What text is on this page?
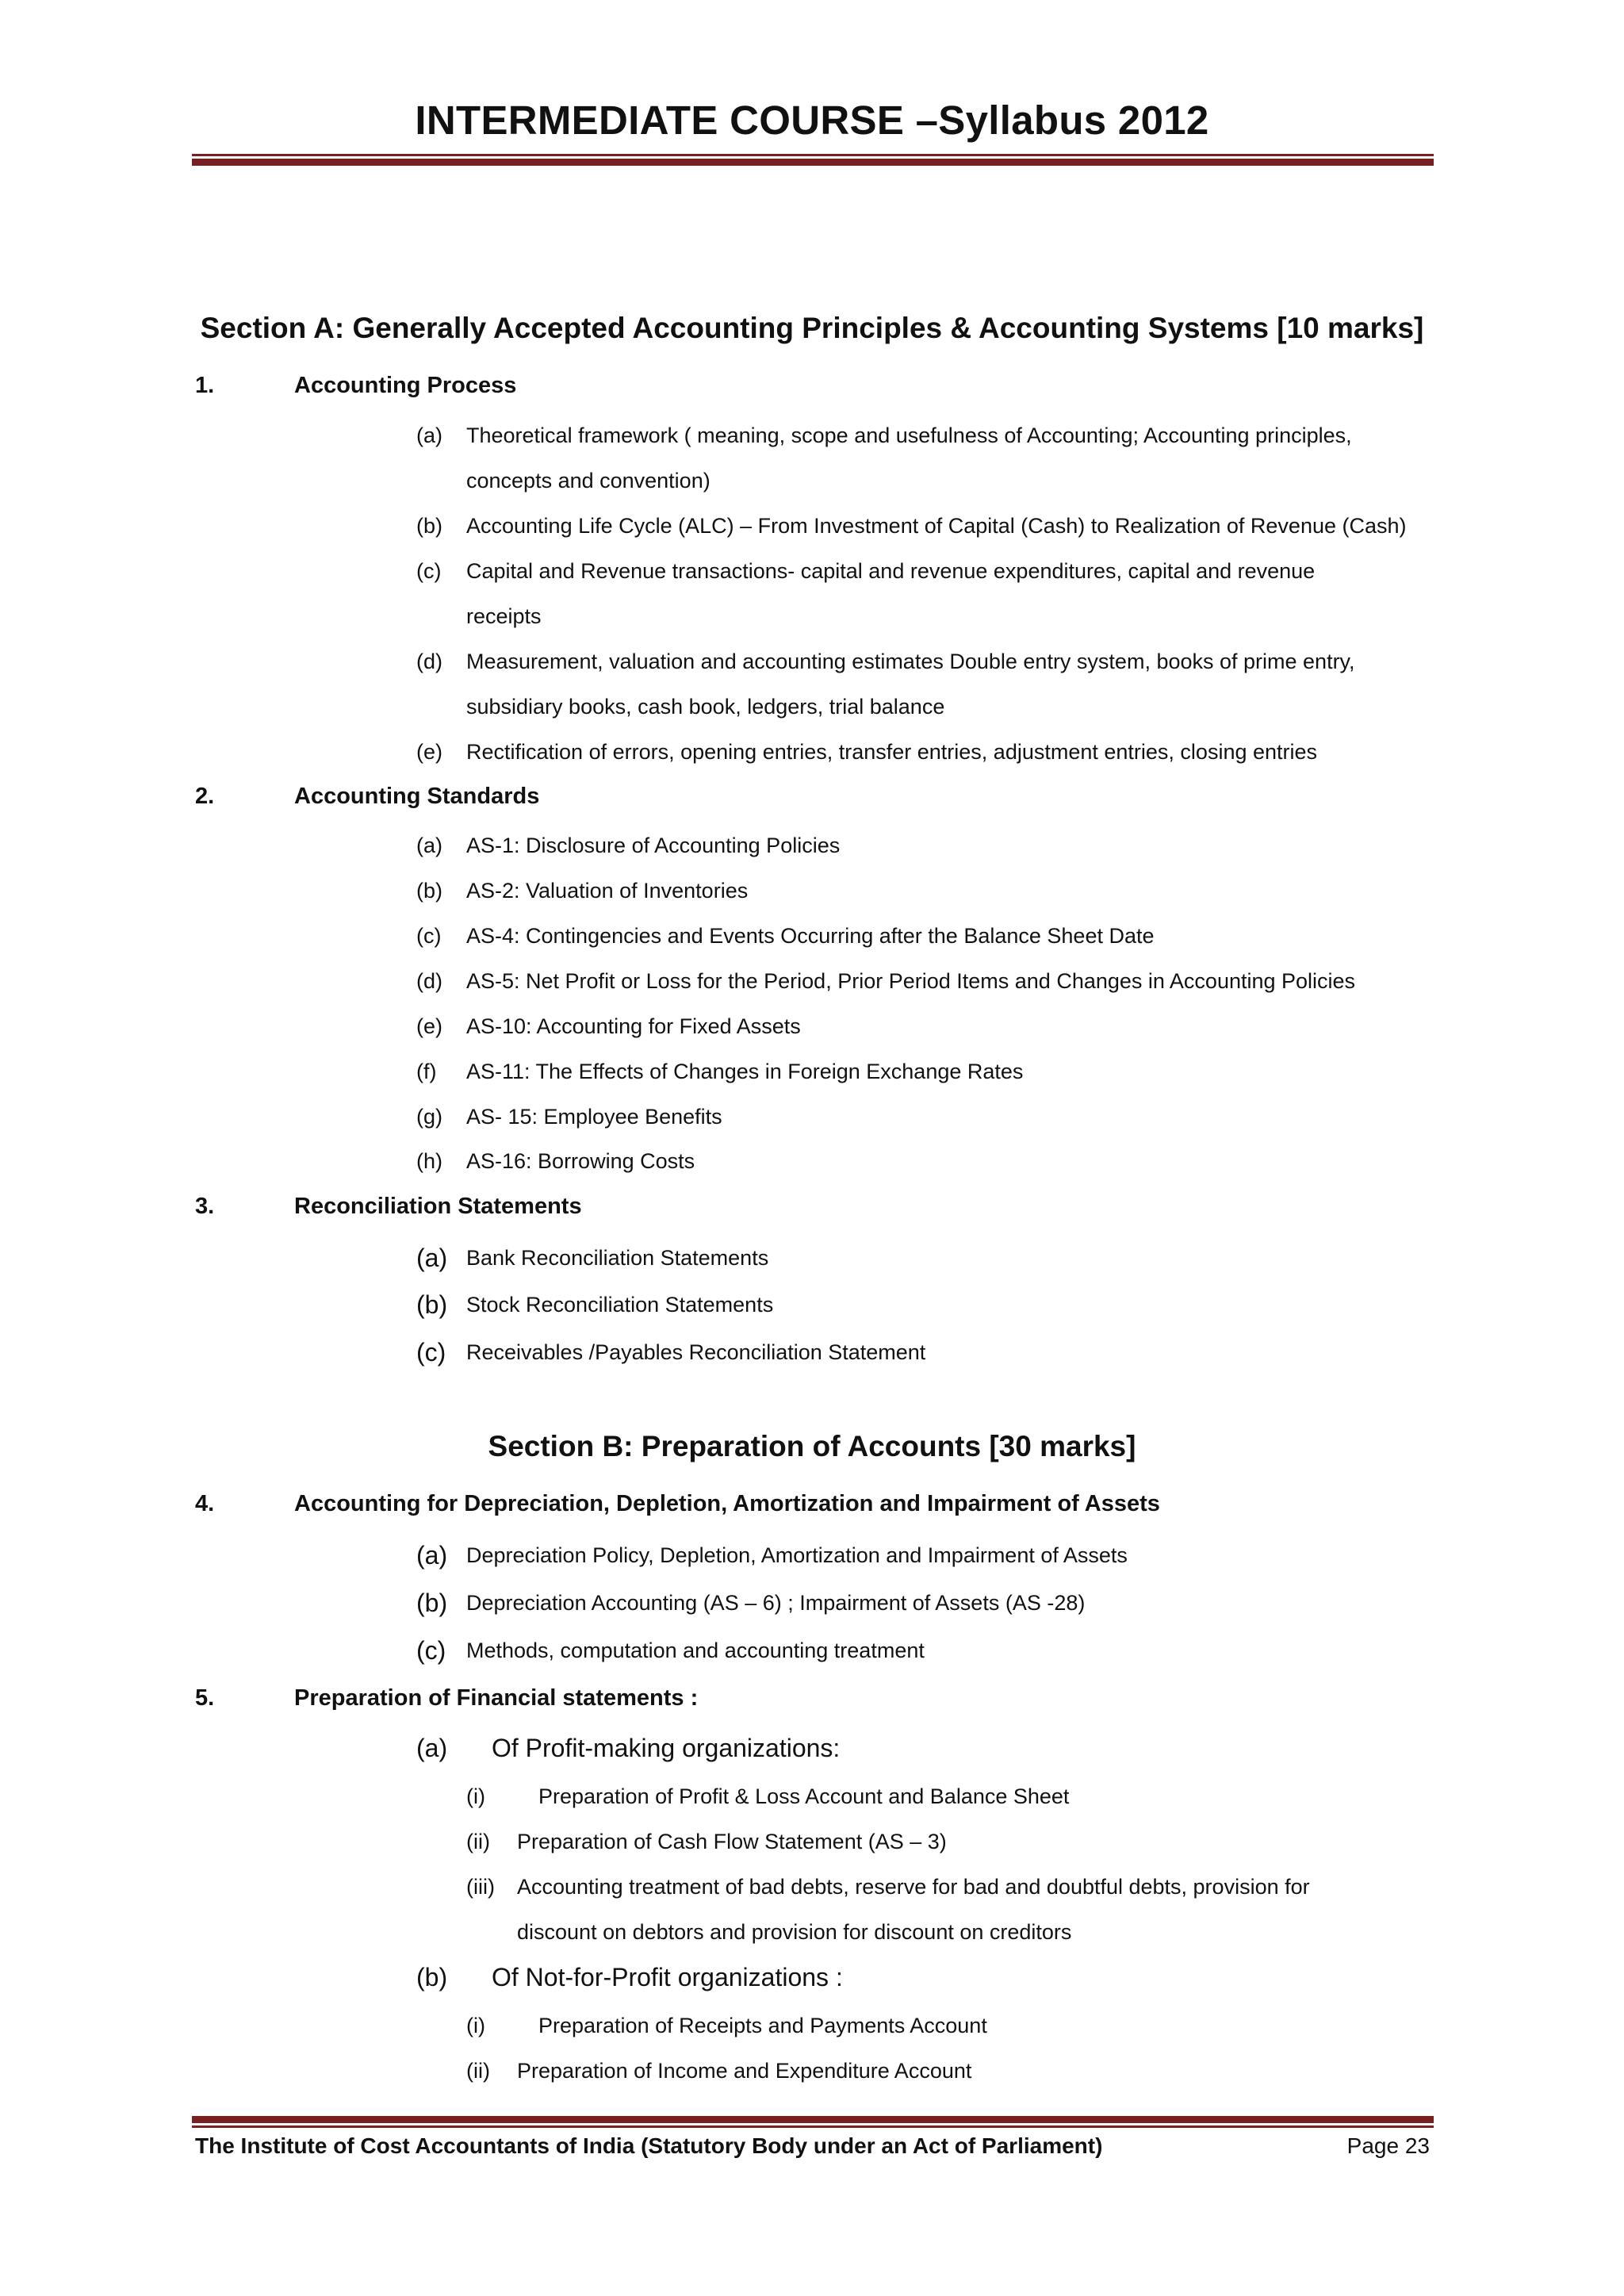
INTERMEDIATE COURSE –Syllabus 2012
Section A: Generally Accepted Accounting Principles & Accounting Systems [10 marks]
1.	Accounting Process
(a) Theoretical framework ( meaning, scope and usefulness of Accounting; Accounting principles, concepts and convention)
(b) Accounting Life Cycle (ALC) – From Investment of Capital (Cash) to Realization of Revenue (Cash)
(c) Capital and Revenue transactions- capital and revenue expenditures, capital and revenue receipts
(d) Measurement, valuation and accounting estimates Double entry system, books of prime entry, subsidiary books, cash book, ledgers, trial balance
(e) Rectification of errors, opening entries, transfer entries, adjustment entries, closing entries
2.	Accounting Standards
(a) AS-1: Disclosure of Accounting Policies
(b) AS-2: Valuation of Inventories
(c) AS-4: Contingencies and Events Occurring after the Balance Sheet Date
(d) AS-5: Net Profit or Loss for the Period, Prior Period Items and Changes in Accounting Policies
(e) AS-10: Accounting for Fixed Assets
(f) AS-11: The Effects of Changes in Foreign Exchange Rates
(g) AS- 15: Employee Benefits
(h) AS-16: Borrowing Costs
3.	Reconciliation Statements
(a) Bank Reconciliation Statements
(b) Stock Reconciliation Statements
(c) Receivables /Payables Reconciliation Statement
Section B: Preparation of Accounts [30 marks]
4.	Accounting for Depreciation, Depletion, Amortization and Impairment of Assets
(a) Depreciation Policy, Depletion, Amortization and Impairment of Assets
(b) Depreciation Accounting (AS – 6) ; Impairment of Assets (AS -28)
(c) Methods, computation and accounting treatment
5.	Preparation of Financial statements :
(a) Of Profit-making organizations:
(i) Preparation of Profit & Loss Account and Balance Sheet
(ii) Preparation of Cash Flow Statement (AS – 3)
(iii) Accounting treatment of bad debts, reserve for bad and doubtful debts, provision for discount on debtors and provision for discount on creditors
(b) Of Not-for-Profit organizations :
(i) Preparation of Receipts and Payments Account
(ii) Preparation of Income and Expenditure Account
The Institute of Cost Accountants of India (Statutory Body under an Act of Parliament)	Page 23
